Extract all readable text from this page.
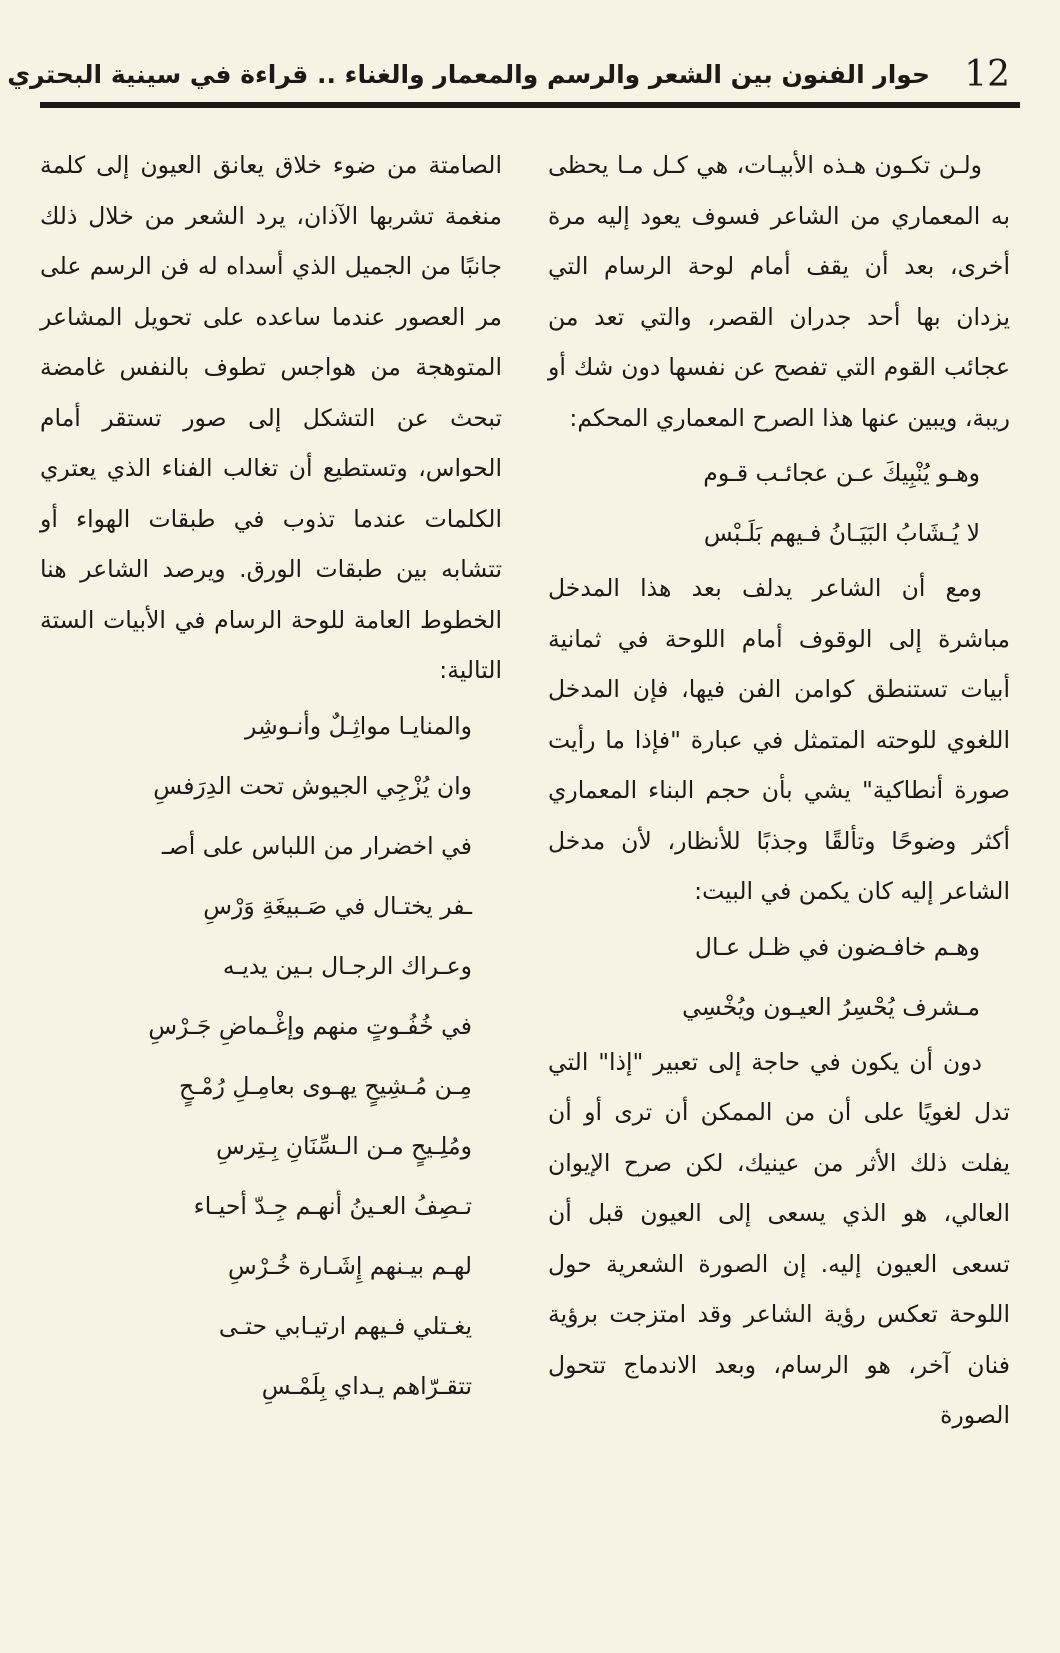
12
حوار الفنون بين الشعر والرسم والمعمار والغناء .. قراءة في سينية البحتري

ولـن تكـون هـذه الأبيـات، هي كـل مـا يحظى به المعماري من الشاعر فسوف يعود إليه مرة أخرى، بعد أن يقف أمام لوحة الرسام التي يزدان بها أحد جدران القصر، والتي تعد من عجائب القوم التي تفصح عن نفسها دون شك أو ريبة، ويبين عنها هذا الصرح المعماري المحكم:

وهـو يُنْبِيكَ عـن عجائـب قـوم

لا يُـشَابُ البَيَـانُ فـيهم بَلَـبْس

ومع أن الشاعر يدلف بعد هذا المدخل مباشرة إلى الوقوف أمام اللوحة في ثمانية أبيات تستنطق كوامن الفن فيها، فإن المدخل اللغوي للوحته المتمثل في عبارة "فإذا ما رأيت صورة أنطاكية" يشي بأن حجم البناء المعماري أكثر وضوحًا وتألقًا وجذبًا للأنظار، لأن مدخل الشاعر إليه كان يكمن في البيت:

وهـم خافـضون في ظـل عـال

مـشرف يُحْسِرُ العيـون ويُخْسِي

دون أن يكون في حاجة إلى تعبير "إذا" التي تدل لغويًا على أن من الممكن أن ترى أو أن يفلت ذلك الأثر من عينيك، لكن صرح الإيوان العالي، هو الذي يسعى إلى العيون قبل أن تسعى العيون إليه. إن الصورة الشعرية حول اللوحة تعكس رؤية الشاعر وقد امتزجت برؤية فنان آخر، هو الرسام، وبعد الاندماج تتحول الصورة

الصامتة من ضوء خلاق يعانق العيون إلى كلمة منغمة تشربها الآذان، يرد الشعر من خلال ذلك جانبًا من الجميل الذي أسداه له فن الرسم على مر العصور عندما ساعده على تحويل المشاعر المتوهجة من هواجس تطوف بالنفس غامضة تبحث عن التشكل إلى صور تستقر أمام الحواس، وتستطيع أن تغالب الفناء الذي يعتري الكلمات عندما تذوب في طبقات الهواء أو تتشابه بين طبقات الورق. ويرصد الشاعر هنا الخطوط العامة للوحة الرسام في الأبيات الستة التالية:

والمنايـا مواثِـلٌ وأنـوشِر

وان يُزْجِي الجيوش تحت الدِرَفسِ

في اخضرار من اللباس على أصـ

ـفر يختـال في صَـبيغَةِ وَرْسِ

وعـراك الرجـال بـين يديـه

في خُفُـوتٍ منهم وإغْـماضِ جَـرْسِ

مِـن مُـشِيحٍ يهـوى بعامِـلِ رُمْـحٍ

ومُلِـيحٍ مـن الـسِّنَانِ بِـتِرسِ

تـصِفُ العـينُ أنهـم جِـدّ أحيـاء

لهـم بيـنهم إِشَـارة خُـرْسِ

يغـتلي فـيهم ارتيـابي حتـى

تتقـرّاهم يـداي بِلَمْـسِ
